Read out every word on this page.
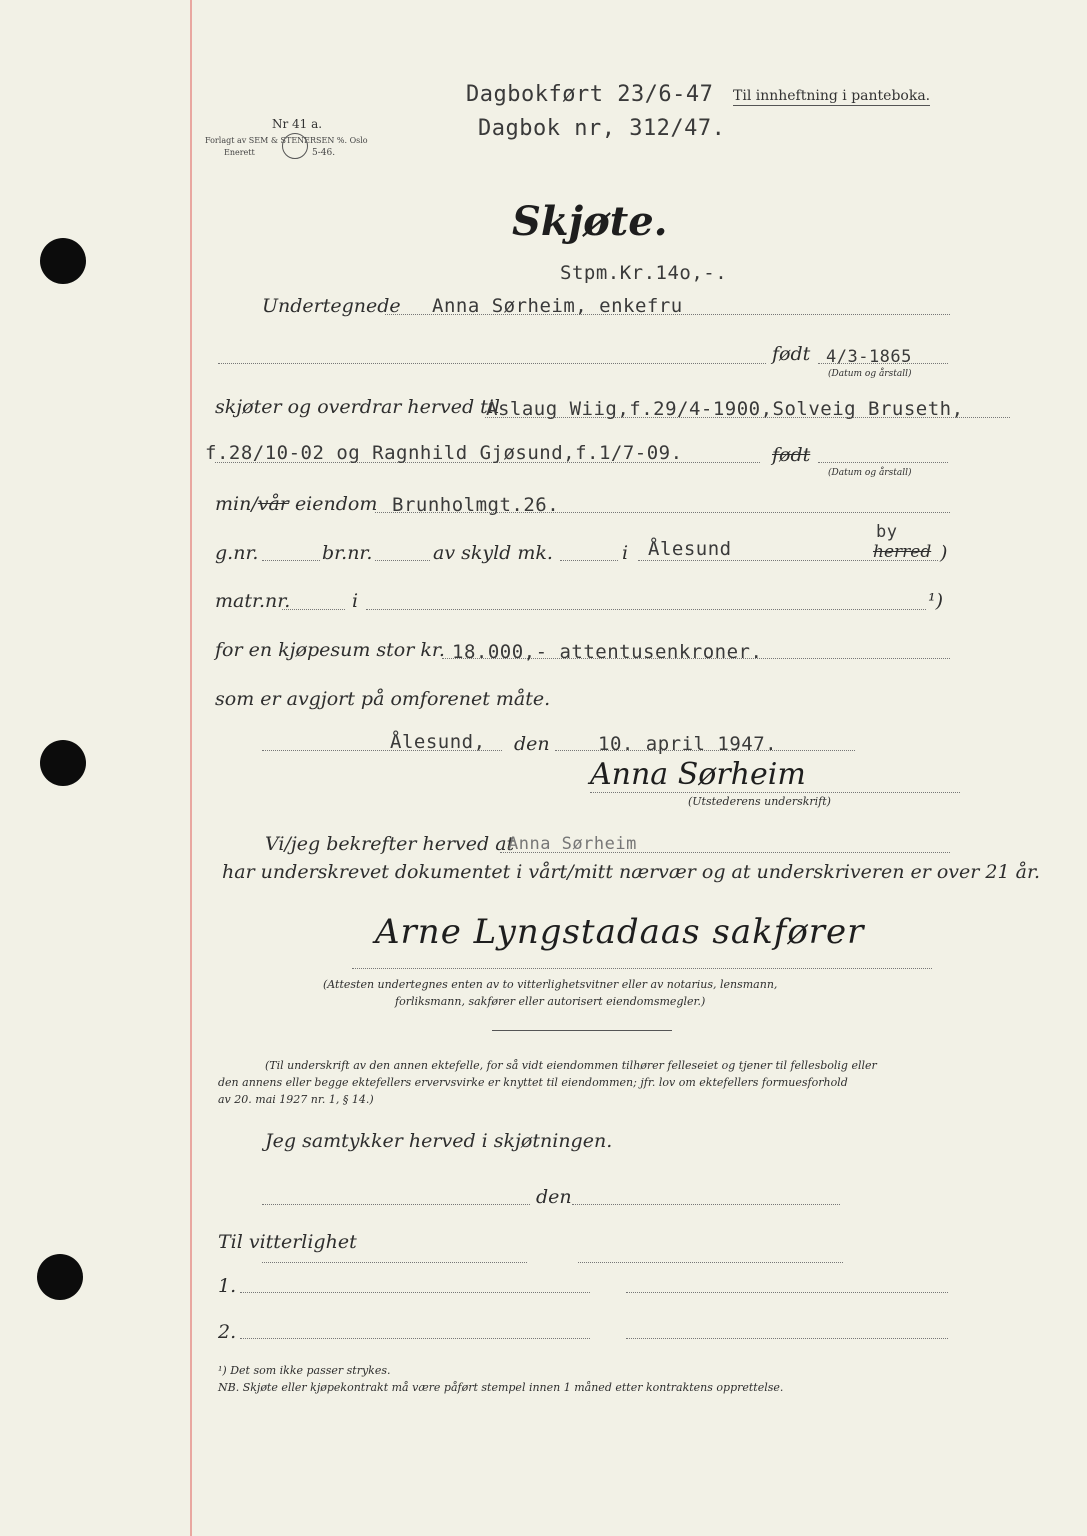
Nr 41 a.
Forlagt av SEM & STENERSEN %. Oslo
Enerett	5-46.
Dagbokført 23/6-47
Dagbok nr, 312/47.
Til innheftning i panteboka.
Skjøte.
Stpm.Kr.14o,-.
Undertegnede Anna Sørheim, enkefru
født 4/3-1865
(Datum og årstall)
skjøter og overdrar herved til
Aslaug Wiig,f.29/4-1900,Solveig Bruseth,
f.28/10-02 og Ragnhild Gjøsund,f.1/7-09.	født
(Datum og årstall)
min/vår eiendom Brunholmgt.26.
g.nr.	br.nr.	av skyld mk.	i Ålesund
by
herred )
matr.nr.	i	¹)
for en kjøpesum stor kr. 18.000,- attentusenkroner.
som er avgjort på omforenet måte.
Ålesund, den	10. april 1947.
Anna Sørheim
(Utstederens underskrift)
Vi/jeg bekrefter herved at
Anna Sørheim
har underskrevet dokumentet i vårt/mitt nærvær og at underskriveren er over 21 år.
Arne Lyngstadaas sakfører
(Attesten undertegnes enten av to vitterlighetsvitner eller av notarius, lensmann,
forliksmann, sakfører eller autorisert eiendomsmegler.)
(Til underskrift av den annen ektefelle, for så vidt eiendommen tilhører felleseiet og tjener til fellesbolig eller
den annens eller begge ektefellers ervervsvirke er knyttet til eiendommen; jfr. lov om ektefellers formuesforhold
av 20. mai 1927 nr. 1, § 14.)
Jeg samtykker herved i skjøtningen.
den
Til vitterlighet
1.
2.
¹) Det som ikke passer strykes.
NB. Skjøte eller kjøpekontrakt må være påført stempel innen 1 måned etter kontraktens opprettelse.
